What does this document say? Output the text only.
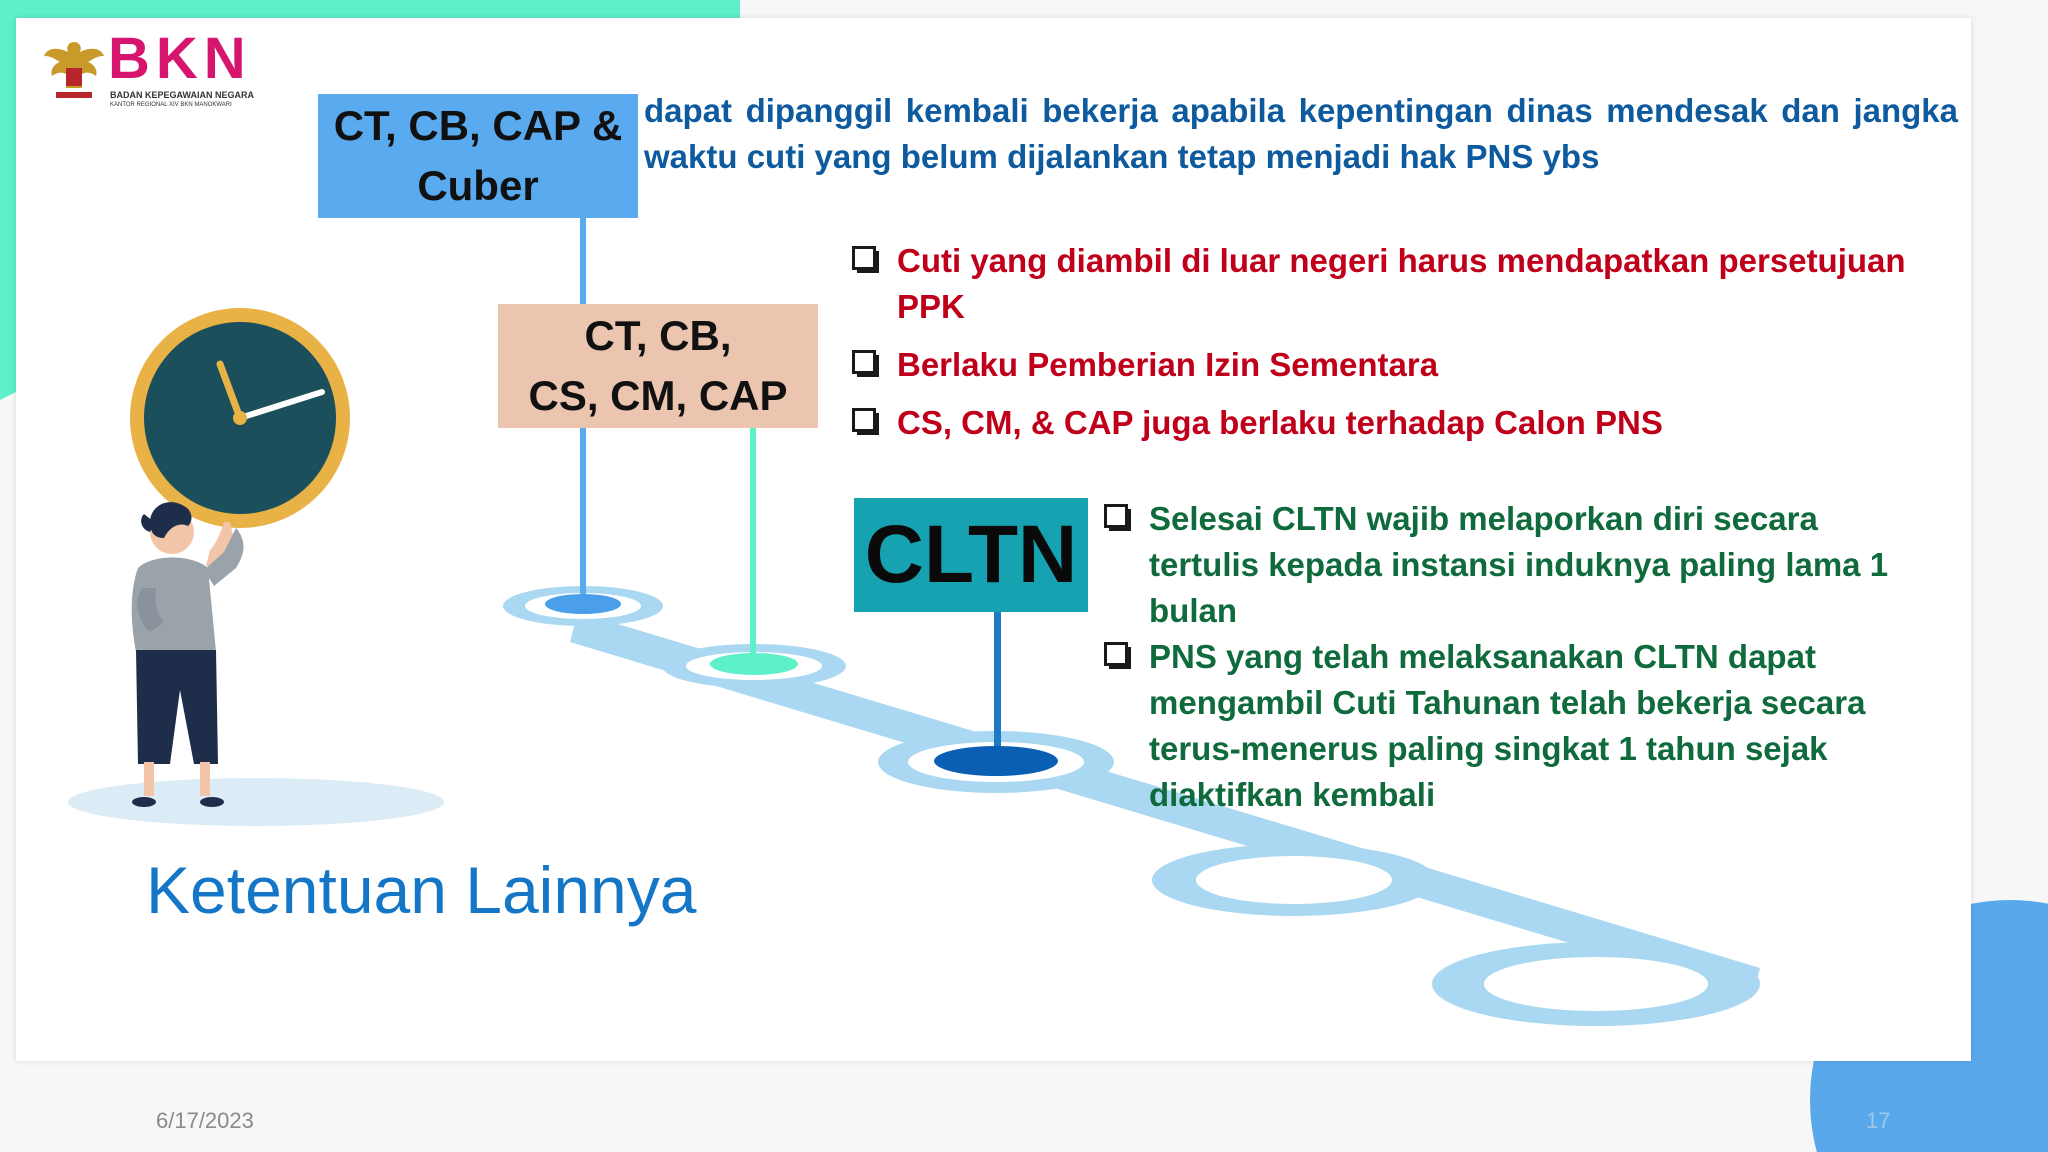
BKN
BADAN KEPEGAWAIAN NEGARA
KANTOR REGIONAL XIV BKN MANOKWARI CT, CB, CAP &
Cuber
dapat dipanggil kembali bekerja apabila kepentingan dinas mendesak dan jangka waktu cuti yang belum dijalankan tetap menjadi hak PNS ybs
CT, CB,
CS, CM, CAP
Cuti yang diambil di luar negeri harus mendapatkan persetujuan PPK
Berlaku Pemberian Izin Sementara
CS, CM, & CAP juga berlaku terhadap Calon PNS
CLTN	Selesai CLTN wajib melaporkan diri secara tertulis kepada instansi induknya paling lama 1 bulan
PNS yang telah melaksanakan CLTN dapat mengambil Cuti Tahunan telah bekerja secara terus-menerus paling singkat 1 tahun sejak diaktifkan kembali
Ketentuan Lainnya
6/17/2023	17
